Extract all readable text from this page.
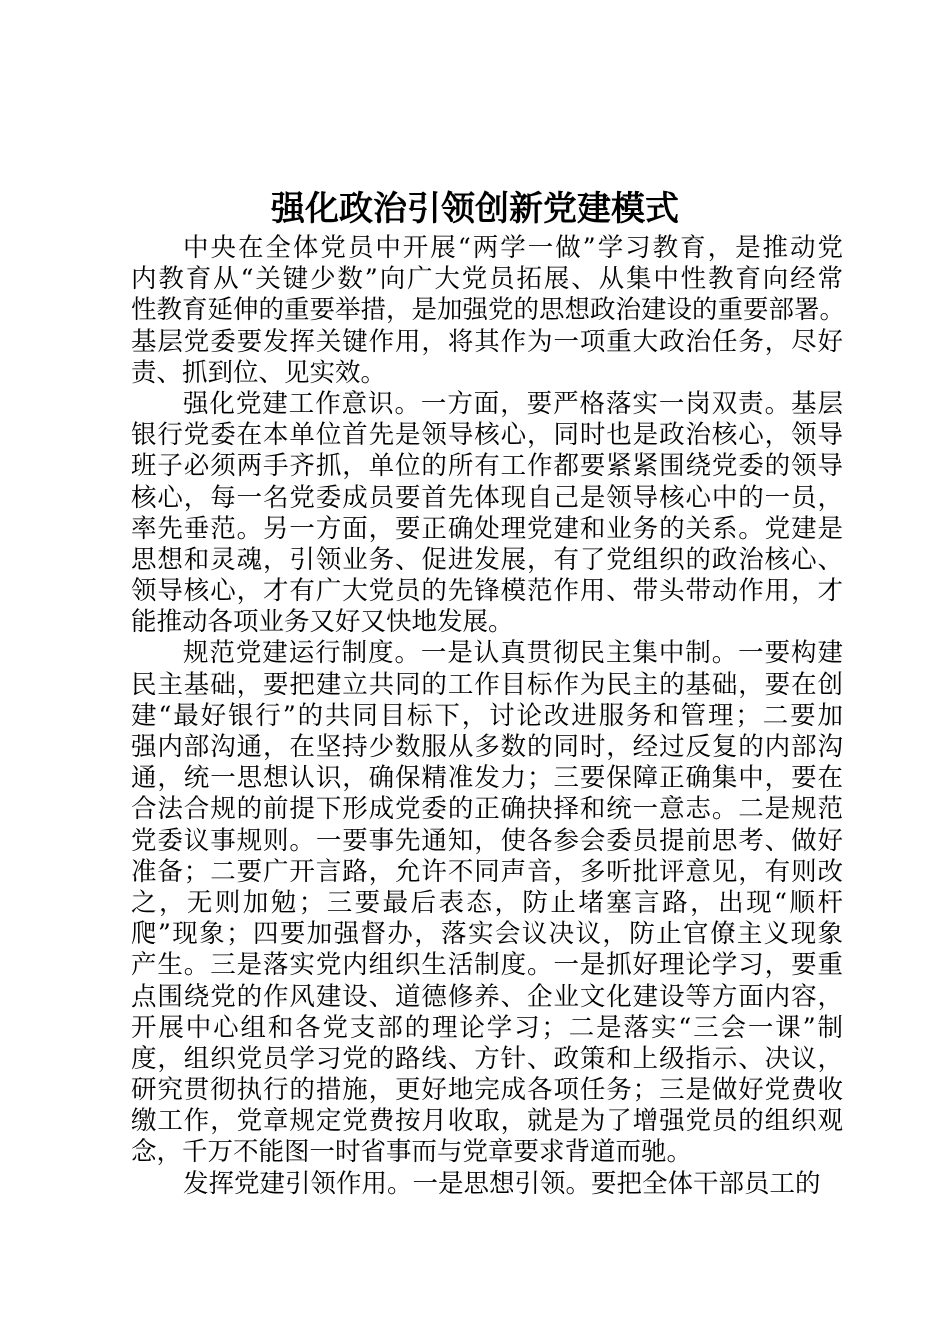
强化政治引领创新党建模式
中央在全体党员中开展“两学一做”学习教育，是推动党
内教育从“关键少数”向广大党员拓展、从集中性教育向经常
性教育延伸的重要举措，是加强党的思想政治建设的重要部署。
基层党委要发挥关键作用，将其作为一项重大政治任务，尽好
责、抓到位、见实效。
强化党建工作意识。一方面，要严格落实一岗双责。基层
银行党委在本单位首先是领导核心，同时也是政治核心，领导
班子必须两手齐抓，单位的所有工作都要紧紧围绕党委的领导
核心，每一名党委成员要首先体现自己是领导核心中的一员，
率先垂范。另一方面，要正确处理党建和业务的关系。党建是
思想和灵魂，引领业务、促进发展，有了党组织的政治核心、
领导核心，才有广大党员的先锋模范作用、带头带动作用，才
能推动各项业务又好又快地发展。
规范党建运行制度。一是认真贯彻民主集中制。一要构建
民主基础，要把建立共同的工作目标作为民主的基础，要在创
建“最好银行”的共同目标下，讨论改进服务和管理；二要加
强内部沟通，在坚持少数服从多数的同时，经过反复的内部沟
通，统一思想认识，确保精准发力；三要保障正确集中，要在
合法合规的前提下形成党委的正确抉择和统一意志。二是规范
党委议事规则。一要事先通知，使各参会委员提前思考、做好
准备；二要广开言路，允许不同声音，多听批评意见，有则改
之，无则加勉；三要最后表态，防止堵塞言路，出现“顺杆
爬”现象；四要加强督办，落实会议决议，防止官僚主义现象
产生。三是落实党内组织生活制度。一是抓好理论学习，要重
点围绕党的作风建设、道德修养、企业文化建设等方面内容，
开展中心组和各党支部的理论学习；二是落实“三会一课”制
度，组织党员学习党的路线、方针、政策和上级指示、决议，
研究贯彻执行的措施，更好地完成各项任务；三是做好党费收
缴工作，党章规定党费按月收取，就是为了增强党员的组织观
念，千万不能图一时省事而与党章要求背道而驰。
发挥党建引领作用。一是思想引领。要把全体干部员工的
